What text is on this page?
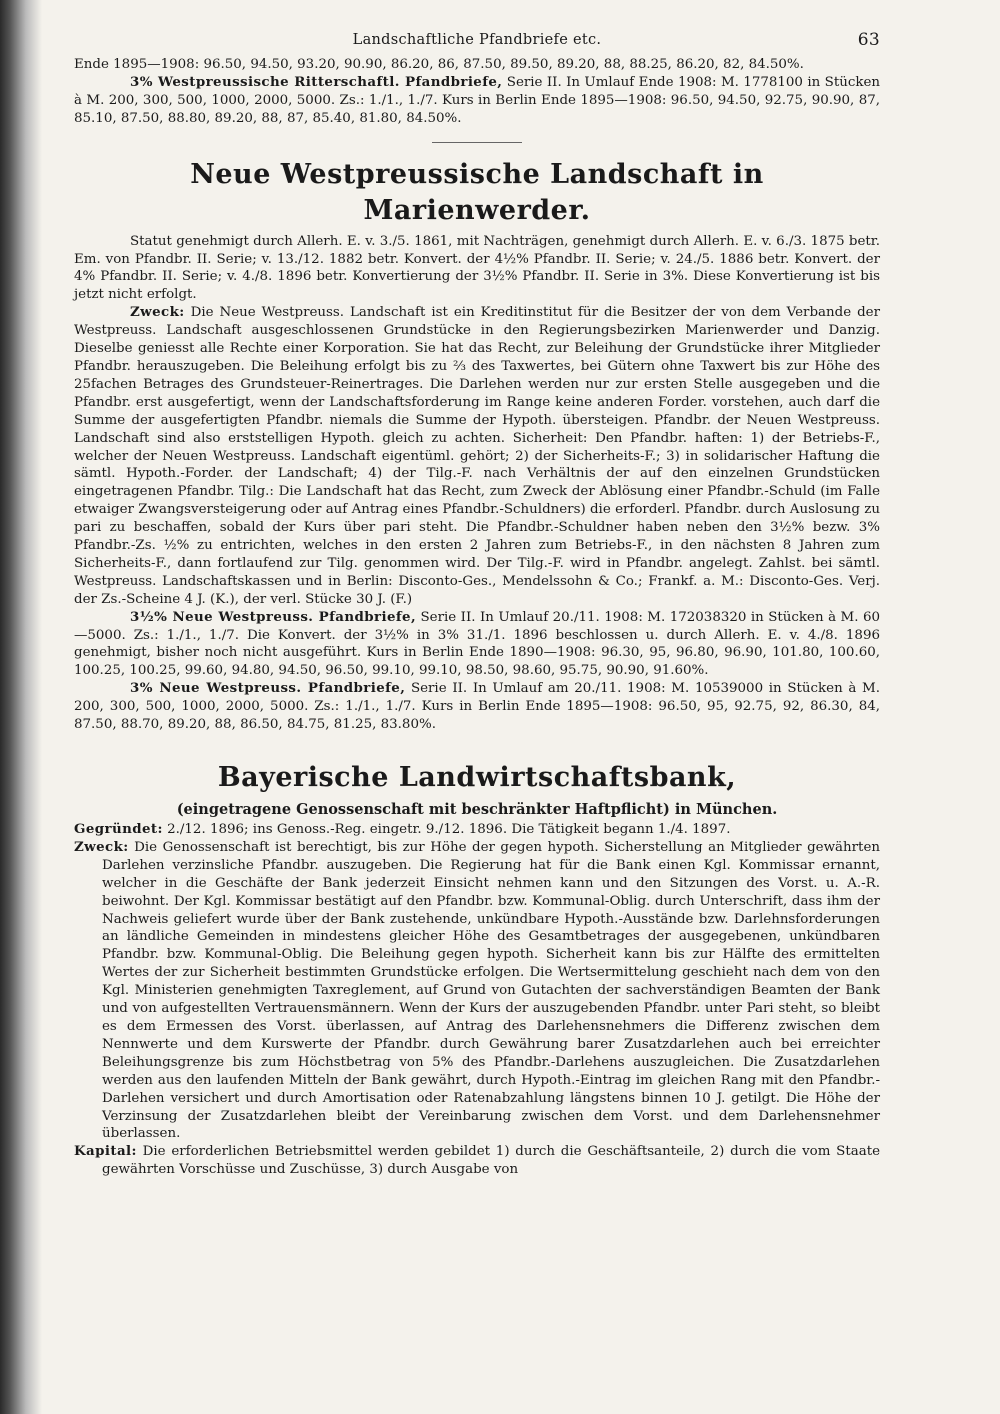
Landschaftliche Pfandbriefe etc.	63

Ende 1895—1908: 96.50, 94.50, 93.20, 90.90, 86.20, 86, 87.50, 89.50, 89.20, 88, 88.25, 86.20, 82, 84.50%.

3% Westpreussische Ritterschaftl. Pfandbriefe, Serie II. In Umlauf Ende 1908: M. 1778100 in Stücken à M. 200, 300, 500, 1000, 2000, 5000. Zs.: 1./1., 1./7. Kurs in Berlin Ende 1895—1908: 96.50, 94.50, 92.75, 90.90, 87, 85.10, 87.50, 88.80, 89.20, 88, 87, 85.40, 81.80, 84.50%.

Neue Westpreussische Landschaft in Marienwerder.

Statut genehmigt durch Allerh. E. v. 3./5. 1861, mit Nachträgen, genehmigt durch Allerh. E. v. 6./3. 1875 betr. Em. von Pfandbr. II. Serie; v. 13./12. 1882 betr. Konvert. der 4½% Pfandbr. II. Serie; v. 24./5. 1886 betr. Konvert. der 4% Pfandbr. II. Serie; v. 4./8. 1896 betr. Konvertierung der 3½% Pfandbr. II. Serie in 3%. Diese Konvertierung ist bis jetzt nicht erfolgt.

Zweck: Die Neue Westpreuss. Landschaft ist ein Kreditinstitut für die Besitzer der von dem Verbande der Westpreuss. Landschaft ausgeschlossenen Grundstücke in den Regierungsbezirken Marienwerder und Danzig. Dieselbe geniesst alle Rechte einer Korporation. Sie hat das Recht, zur Beleihung der Grundstücke ihrer Mitglieder Pfandbr. herauszugeben. Die Beleihung erfolgt bis zu ⅔ des Taxwertes, bei Gütern ohne Taxwert bis zur Höhe des 25fachen Betrages des Grundsteuer-Reinertrages. Die Darlehen werden nur zur ersten Stelle ausgegeben und die Pfandbr. erst ausgefertigt, wenn der Landschaftsforderung im Range keine anderen Forder. vorstehen, auch darf die Summe der ausgefertigten Pfandbr. niemals die Summe der Hypoth. übersteigen. Pfandbr. der Neuen Westpreuss. Landschaft sind also erststelligen Hypoth. gleich zu achten. Sicherheit: Den Pfandbr. haften: 1) der Betriebs-F., welcher der Neuen Westpreuss. Landschaft eigentüml. gehört; 2) der Sicherheits-F.; 3) in solidarischer Haftung die sämtl. Hypoth.-Forder. der Landschaft; 4) der Tilg.-F. nach Verhältnis der auf den einzelnen Grundstücken eingetragenen Pfandbr. Tilg.: Die Landschaft hat das Recht, zum Zweck der Ablösung einer Pfandbr.-Schuld (im Falle etwaiger Zwangsversteigerung oder auf Antrag eines Pfandbr.-Schuldners) die erforderl. Pfandbr. durch Auslosung zu pari zu beschaffen, sobald der Kurs über pari steht. Die Pfandbr.-Schuldner haben neben den 3½% bezw. 3% Pfandbr.-Zs. ½% zu entrichten, welches in den ersten 2 Jahren zum Betriebs-F., in den nächsten 8 Jahren zum Sicherheits-F., dann fortlaufend zur Tilg. genommen wird. Der Tilg.-F. wird in Pfandbr. angelegt. Zahlst. bei sämtl. Westpreuss. Landschaftskassen und in Berlin: Disconto-Ges., Mendelssohn & Co.; Frankf. a. M.: Disconto-Ges. Verj. der Zs.-Scheine 4 J. (K.), der verl. Stücke 30 J. (F.)

3½% Neue Westpreuss. Pfandbriefe, Serie II. In Umlauf 20./11. 1908: M. 172038320 in Stücken à M. 60—5000. Zs.: 1./1., 1./7. Die Konvert. der 3½% in 3% 31./1. 1896 beschlossen u. durch Allerh. E. v. 4./8. 1896 genehmigt, bisher noch nicht ausgeführt. Kurs in Berlin Ende 1890—1908: 96.30, 95, 96.80, 96.90, 101.80, 100.60, 100.25, 100.25, 99.60, 94.80, 94.50, 96.50, 99.10, 99.10, 98.50, 98.60, 95.75, 90.90, 91.60%.

3% Neue Westpreuss. Pfandbriefe, Serie II. In Umlauf am 20./11. 1908: M. 10539000 in Stücken à M. 200, 300, 500, 1000, 2000, 5000. Zs.: 1./1., 1./7. Kurs in Berlin Ende 1895—1908: 96.50, 95, 92.75, 92, 86.30, 84, 87.50, 88.70, 89.20, 88, 86.50, 84.75, 81.25, 83.80%.

Bayerische Landwirtschaftsbank,
(eingetragene Genossenschaft mit beschränkter Haftpflicht) in München.

Gegründet: 2./12. 1896; ins Genoss.-Reg. eingetr. 9./12. 1896. Die Tätigkeit begann 1./4. 1897.

Zweck: Die Genossenschaft ist berechtigt, bis zur Höhe der gegen hypoth. Sicherstellung an Mitglieder gewährten Darlehen verzinsliche Pfandbr. auszugeben. Die Regierung hat für die Bank einen Kgl. Kommissar ernannt, welcher in die Geschäfte der Bank jederzeit Einsicht nehmen kann und den Sitzungen des Vorst. u. A.-R. beiwohnt. Der Kgl. Kommissar bestätigt auf den Pfandbr. bzw. Kommunal-Oblig. durch Unterschrift, dass ihm der Nachweis geliefert wurde über der Bank zustehende, unkündbare Hypoth.-Ausstände bzw. Darlehnsforderungen an ländliche Gemeinden in mindestens gleicher Höhe des Gesamtbetrages der ausgegebenen, unkündbaren Pfandbr. bzw. Kommunal-Oblig. Die Beleihung gegen hypoth. Sicherheit kann bis zur Hälfte des ermittelten Wertes der zur Sicherheit bestimmten Grundstücke erfolgen. Die Wertsermittelung geschieht nach dem von den Kgl. Ministerien genehmigten Taxreglement, auf Grund von Gutachten der sachverständigen Beamten der Bank und von aufgestellten Vertrauensmännern. Wenn der Kurs der auszugebenden Pfandbr. unter Pari steht, so bleibt es dem Ermessen des Vorst. überlassen, auf Antrag des Darlehensnehmers die Differenz zwischen dem Nennwerte und dem Kurswerte der Pfandbr. durch Gewährung barer Zusatzdarlehen auch bei erreichter Beleihungsgrenze bis zum Höchstbetrag von 5% des Pfandbr.-Darlehens auszugleichen. Die Zusatzdarlehen werden aus den laufenden Mitteln der Bank gewährt, durch Hypoth.-Eintrag im gleichen Rang mit den Pfandbr.-Darlehen versichert und durch Amortisation oder Ratenabzahlung längstens binnen 10 J. getilgt. Die Höhe der Verzinsung der Zusatzdarlehen bleibt der Vereinbarung zwischen dem Vorst. und dem Darlehensnehmer überlassen.

Kapital: Die erforderlichen Betriebsmittel werden gebildet 1) durch die Geschäftsanteile, 2) durch die vom Staate gewährten Vorschüsse und Zuschüsse, 3) durch Ausgabe von
